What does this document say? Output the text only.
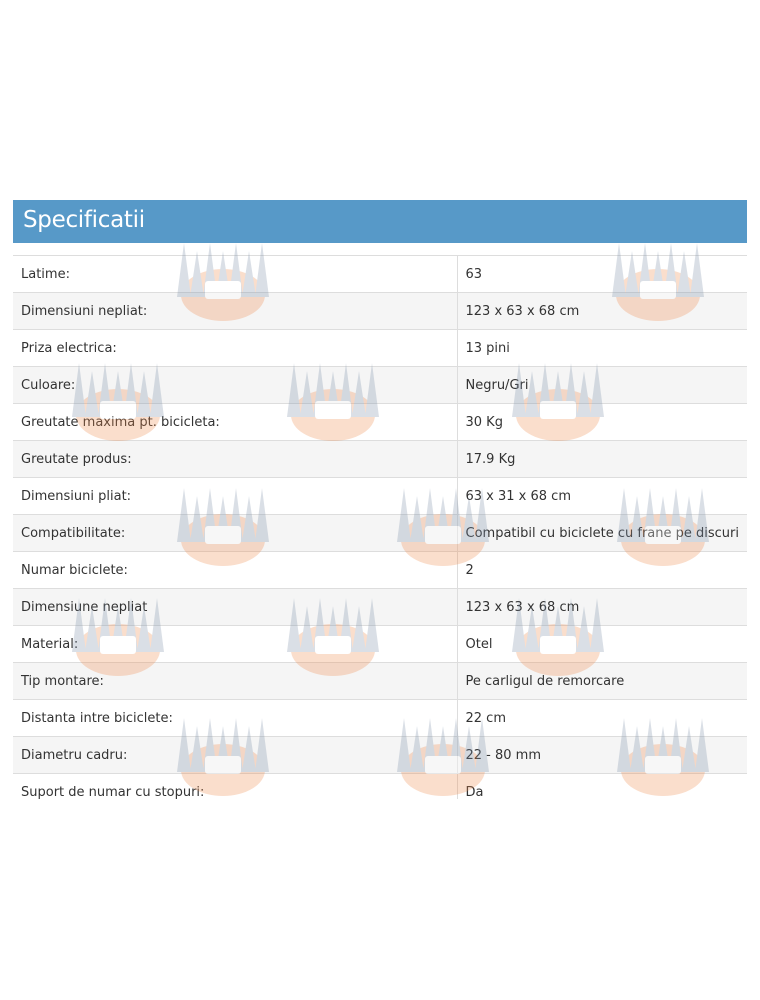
Specificatii
Latime:	63
Dimensiuni nepliat:	123 x 63 x 68 cm
Priza electrica:	13 pini
Culoare:	Negru/Gri
Greutate maxima pt. bicicleta:	30 Kg
Greutate produs:	17.9 Kg
Dimensiuni pliat:	63 x 31 x 68 cm
Compatibilitate:	Compatibil cu biciclete cu frane pe discuri
Numar biciclete:	2
Dimensiune nepliat	123 x 63 x 68 cm
Material:	Otel
Tip montare:	Pe carligul de remorcare
Distanta intre biciclete:	22 cm
Diametru cadru:	22 - 80 mm
Suport de numar cu stopuri:	Da
